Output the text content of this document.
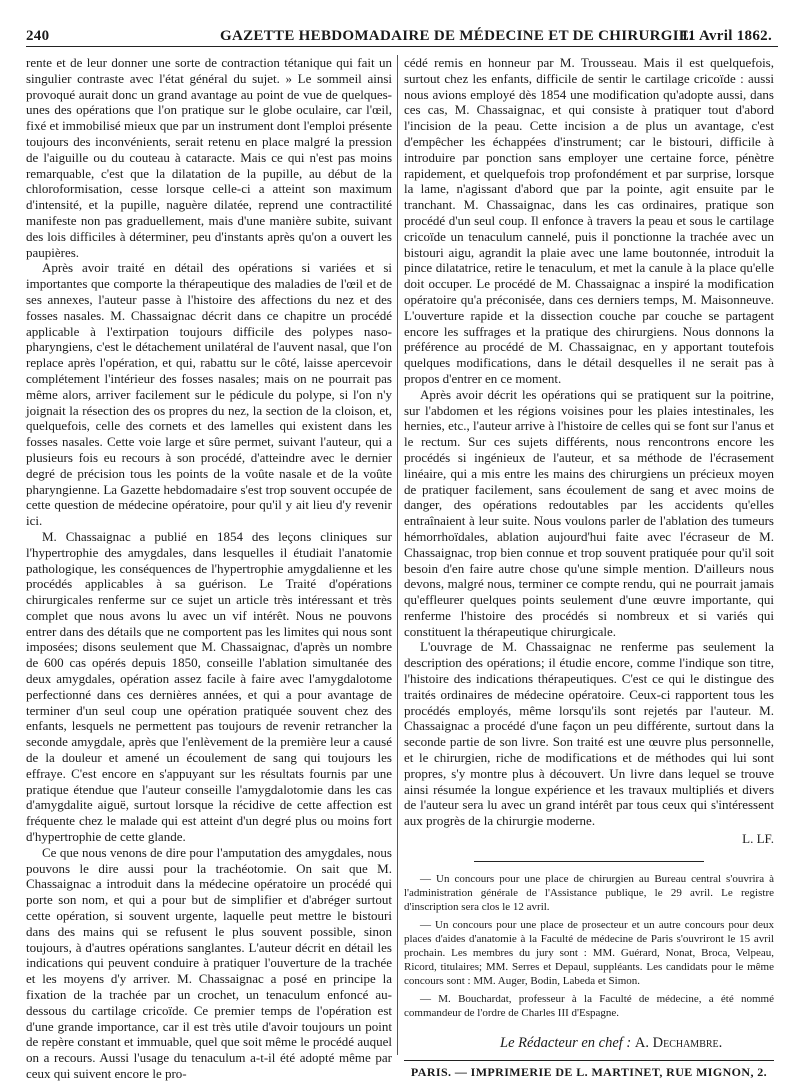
240	GAZETTE HEBDOMADAIRE DE MÉDECINE ET DE CHIRURGIE.
11 Avril 1862.

rente et de leur donner une sorte de contraction tétanique qui fait un singulier contraste avec l'état général du sujet. » Le sommeil ainsi provoqué aurait donc un grand avantage au point de vue de quelques-unes des opérations que l'on pratique sur le globe oculaire, car l'œil, fixé et immobilisé mieux que par un instrument dont l'emploi présente toujours des inconvénients, serait retenu en place malgré la pression de l'aiguille ou du couteau à cataracte. Mais ce qui n'est pas moins remarquable, c'est que la dilatation de la pupille, au début de la chloroformisation, cesse lorsque celle-ci a atteint son maximum d'intensité, et la pupille, naguère dilatée, reprend une contractilité manifeste non pas graduellement, mais d'une manière subite, suivant des lois difficiles à déterminer, peu d'instants après qu'on a ouvert les paupières.

Après avoir traité en détail des opérations si variées et si importantes que comporte la thérapeutique des maladies de l'œil et de ses annexes, l'auteur passe à l'histoire des affections du nez et des fosses nasales. M. Chassaignac décrit dans ce chapitre un procédé applicable à l'extirpation toujours difficile des polypes naso-pharyngiens, c'est le détachement unilatéral de l'auvent nasal, que l'on replace après l'opération, et qui, rabattu sur le côté, laisse apercevoir complétement l'intérieur des fosses nasales; mais on ne pourrait pas même alors, arriver facilement sur le pédicule du polype, si l'on n'y joignait la résection des os propres du nez, la section de la cloison, et, quelquefois, celle des cornets et des lamelles qui existent dans les fosses nasales. Cette voie large et sûre permet, suivant l'auteur, qui a plusieurs fois eu recours à son procédé, d'atteindre avec le dernier degré de précision tous les points de la voûte nasale et de la voûte pharyngienne. La Gazette hebdomadaire s'est trop souvent occupée de cette question de médecine opératoire, pour qu'il y ait lieu d'y revenir ici.

M. Chassaignac a publié en 1854 des leçons cliniques sur l'hypertrophie des amygdales, dans lesquelles il étudiait l'anatomie pathologique, les conséquences de l'hypertrophie amygdalienne et les procédés applicables à sa guérison. Le Traité d'opérations chirurgicales renferme sur ce sujet un article très intéressant et très complet que nous avons lu avec un vif intérêt. Nous ne pouvons entrer dans des détails que ne comportent pas les limites qui nous sont imposées; disons seulement que M. Chassaignac, d'après un nombre de 600 cas opérés depuis 1850, conseille l'ablation simultanée des deux amygdales, opération assez facile à faire avec l'amygdalotome perfectionné dans ces dernières années, et qui a pour avantage de terminer d'un seul coup une opération pratiquée souvent chez des enfants, lesquels ne permettent pas toujours de revenir retrancher la seconde amygdale, après que l'enlèvement de la première leur a causé de la douleur et amené un écoulement de sang qui toujours les effraye. C'est encore en s'appuyant sur les résultats fournis par une pratique étendue que l'auteur conseille l'amygdalotomie dans les cas d'amygdalite aiguë, surtout lorsque la récidive de cette affection est fréquente chez le malade qui est atteint d'un degré plus ou moins fort d'hypertrophie de cette glande.

Ce que nous venons de dire pour l'amputation des amygdales, nous pouvons le dire aussi pour la trachéotomie. On sait que M. Chassaignac a introduit dans la médecine opératoire un procédé qui porte son nom, et qui a pour but de simplifier et d'abréger surtout cette opération, si souvent urgente, laquelle peut mettre le bistouri dans des mains qui se refusent le plus souvent possible, sinon toujours, à d'autres opérations sanglantes. L'auteur décrit en détail les indications qui peuvent conduire à pratiquer l'ouverture de la trachée et les moyens d'y arriver. M. Chassaignac a posé en principe la fixation de la trachée par un crochet, un tenaculum enfoncé au-dessous du cartilage cricoïde. Ce premier temps de l'opération est d'une grande importance, car il est très utile d'avoir toujours un point de repère constant et immuable, quel que soit même le procédé auquel on a recours. Aussi l'usage du tenaculum a-t-il été adopté même par ceux qui suivent encore le pro-

cédé remis en honneur par M. Trousseau. Mais il est quelquefois, surtout chez les enfants, difficile de sentir le cartilage cricoïde : aussi nous avions employé dès 1854 une modification qu'adopte aussi, dans ces cas, M. Chassaignac, et qui consiste à pratiquer tout d'abord l'incision de la peau. Cette incision a de plus un avantage, c'est d'empêcher les échappées d'instrument; car le bistouri, difficile à introduire par ponction sans employer une certaine force, pénètre rapidement, et quelquefois trop profondément et par surprise, lorsque la lame, n'agissant d'abord que par la pointe, agit ensuite par le tranchant. M. Chassaignac, dans les cas ordinaires, pratique son procédé d'un seul coup. Il enfonce à travers la peau et sous le cartilage cricoïde un tenaculum cannelé, puis il ponctionne la trachée avec un bistouri aigu, agrandit la plaie avec une lame boutonnée, introduit la pince dilatatrice, retire le tenaculum, et met la canule à la place qu'elle doit occuper. Le procédé de M. Chassaignac a inspiré la modification opératoire qu'a préconisée, dans ces derniers temps, M. Maisonneuve. L'ouverture rapide et la dissection couche par couche se partagent encore les suffrages et la pratique des chirurgiens. Nous donnons la préférence au procédé de M. Chassaignac, en y apportant toutefois quelques modifications, dans le détail desquelles il ne serait pas à propos d'entrer en ce moment.

Après avoir décrit les opérations qui se pratiquent sur la poitrine, sur l'abdomen et les régions voisines pour les plaies intestinales, les hernies, etc., l'auteur arrive à l'histoire de celles qui se font sur l'anus et le rectum. Sur ces sujets différents, nous rencontrons encore les procédés si ingénieux de l'auteur, et sa méthode de l'écrasement linéaire, qui a mis entre les mains des chirurgiens un précieux moyen de pratiquer facilement, sans écoulement de sang et avec moins de danger, des opérations redoutables par les accidents qu'elles entraînaient à leur suite. Nous voulons parler de l'ablation des tumeurs hémorrhoïdales, ablation aujourd'hui faite avec l'écraseur de M. Chassaignac, trop bien connue et trop souvent pratiquée pour qu'il soit besoin d'en faire autre chose qu'une simple mention. D'ailleurs nous devons, malgré nous, terminer ce compte rendu, qui ne pourrait jamais qu'effleurer quelques points seulement d'une œuvre importante, qui renferme l'histoire des procédés si nombreux et si variés qui constituent la thérapeutique chirurgicale.

L'ouvrage de M. Chassaignac ne renferme pas seulement la description des opérations; il étudie encore, comme l'indique son titre, l'histoire des indications thérapeutiques. C'est ce qui le distingue des traités ordinaires de médecine opératoire. Ceux-ci rapportent tous les procédés employés, même lorsqu'ils sont rejetés par l'auteur. M. Chassaignac a procédé d'une façon un peu différente, surtout dans la seconde partie de son livre. Son traité est une œuvre plus personnelle, et le chirurgien, riche de modifications et de méthodes qui lui sont propres, s'y montre plus à découvert. Un livre dans lequel se trouve ainsi résumée la longue expérience et les travaux multipliés et divers de l'auteur sera lu avec un grand intérêt par tous ceux qui s'intéressent aux progrès de la chirurgie moderne.

L. LF.

— Un concours pour une place de chirurgien au Bureau central s'ouvrira à l'administration générale de l'Assistance publique, le 29 avril. Le registre d'inscription sera clos le 12 avril.

— Un concours pour une place de prosecteur et un autre concours pour deux places d'aides d'anatomie à la Faculté de médecine de Paris s'ouvriront le 15 avril prochain. Les membres du jury sont : MM. Guérard, Nonat, Broca, Velpeau, Ricord, titulaires; MM. Serres et Depaul, suppléants. Les candidats pour le même concours sont : MM. Auger, Bodin, Labeda et Simon.

— M. Bouchardat, professeur à la Faculté de médecine, a été nommé commandeur de l'ordre de Charles III d'Espagne.

Le Rédacteur en chef : A. Dechambre.
PARIS. — IMPRIMERIE DE L. MARTINET, RUE MIGNON, 2.
